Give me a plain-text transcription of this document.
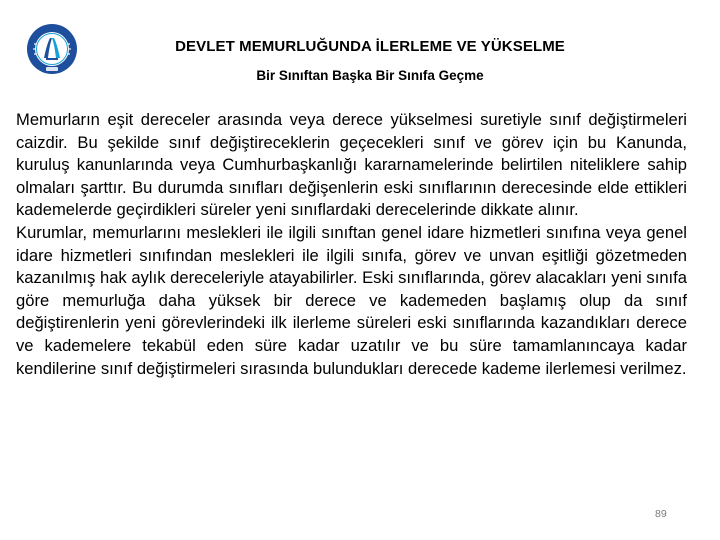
DEVLET MEMURLUĞUNDA İLERLEME VE YÜKSELME
Bir Sınıftan Başka Bir Sınıfa Geçme

Memurların eşit dereceler arasında veya derece yükselmesi suretiyle sınıf değiştirmeleri caizdir. Bu şekilde sınıf değiştireceklerin geçecekleri sınıf ve görev için bu Kanunda, kuruluş kanunlarında veya Cumhurbaşkanlığı kararnamelerinde belirtilen niteliklere sahip olmaları şarttır. Bu durumda sınıfları değişenlerin eski sınıflarının derecesinde elde ettikleri kademelerde geçirdikleri süreler yeni sınıflardaki derecelerinde dikkate alınır.

Kurumlar, memurlarını meslekleri ile ilgili sınıftan genel idare hizmetleri sınıfına veya genel idare hizmetleri sınıfından meslekleri ile ilgili sınıfa, görev ve unvan eşitliği gözetmeden kazanılmış hak aylık dereceleriyle atayabilirler. Eski sınıflarında, görev alacakları yeni sınıfa göre memurluğa daha yüksek bir derece ve kademeden başlamış olup da sınıf değiştirenlerin yeni görevlerindeki ilk ilerleme süreleri eski sınıflarında kazandıkları derece ve kademelere tekabül eden süre kadar uzatılır ve bu süre tamamlanıncaya kadar kendilerine sınıf değiştirmeleri sırasında bulundukları derecede kademe ilerlemesi verilmez.

89
